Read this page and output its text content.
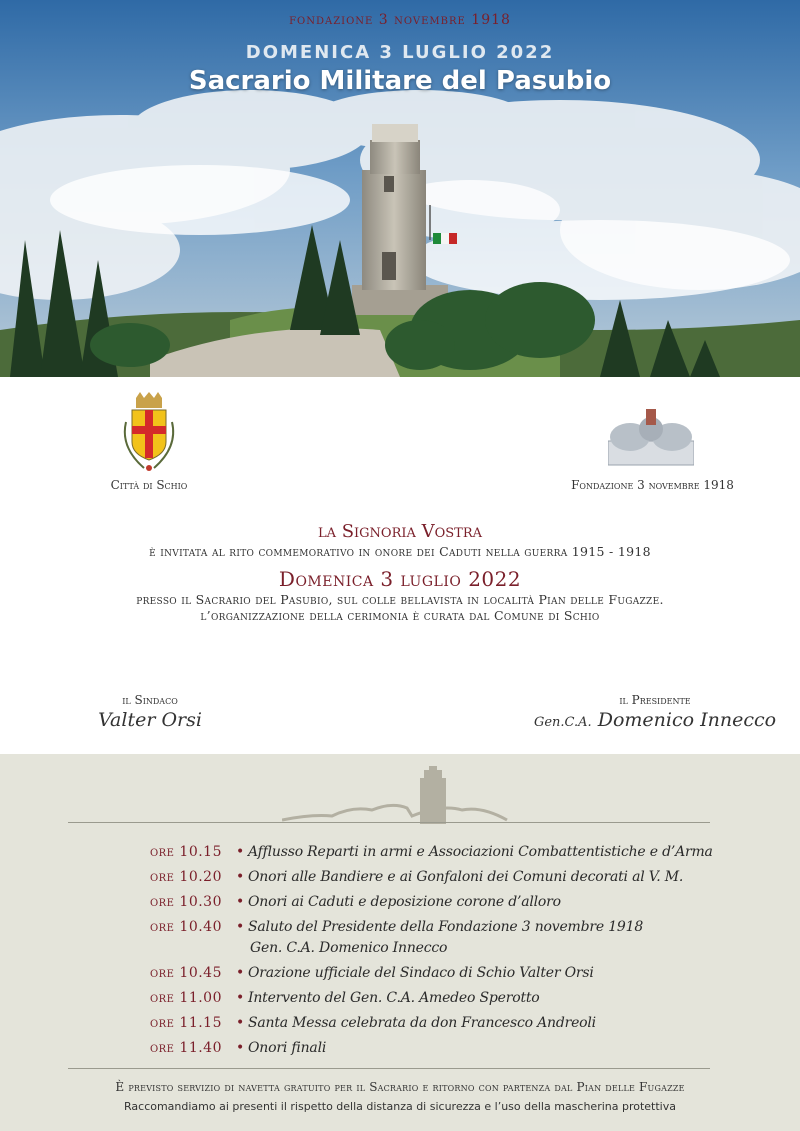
fondazione 3 novembre 1918
DOMENICA 3 LUGLIO 2022
Sacrario Militare del Pasubio
Città di Schio	Fondazione 3 novembre 1918
la Signoria Vostra
è invitata al rito commemorativo in onore dei Caduti nella guerra 1915 - 1918
Domenica 3 luglio 2022
presso il Sacrario del Pasubio, sul colle bellavista in località Pian delle Fugazze.
l’organizzazione della cerimonia è curata dal Comune di Schio
il Sindaco
Valter Orsi
il Presidente
Gen.C.A. Domenico Innecco
ore 10.15	• Afflusso Reparti in armi e Associazioni Combattentistiche e d’Arma
ore 10.20	• Onori alle Bandiere e ai Gonfaloni dei Comuni decorati al V. M.
ore 10.30	• Onori ai Caduti e deposizione corone d’alloro
ore 10.40	• Saluto del Presidente della Fondazione 3 novembre 1918
Gen. C.A. Domenico Innecco
ore 10.45	• Orazione ufficiale del Sindaco di Schio Valter Orsi
ore 11.00	• Intervento del Gen. C.A. Amedeo Sperotto
ore 11.15	• Santa Messa celebrata da don Francesco Andreoli
ore 11.40	• Onori finali
È previsto servizio di navetta gratuito per il Sacrario e ritorno con partenza dal Pian delle Fugazze
Raccomandiamo ai presenti il rispetto della distanza di sicurezza e l’uso della mascherina protettiva
